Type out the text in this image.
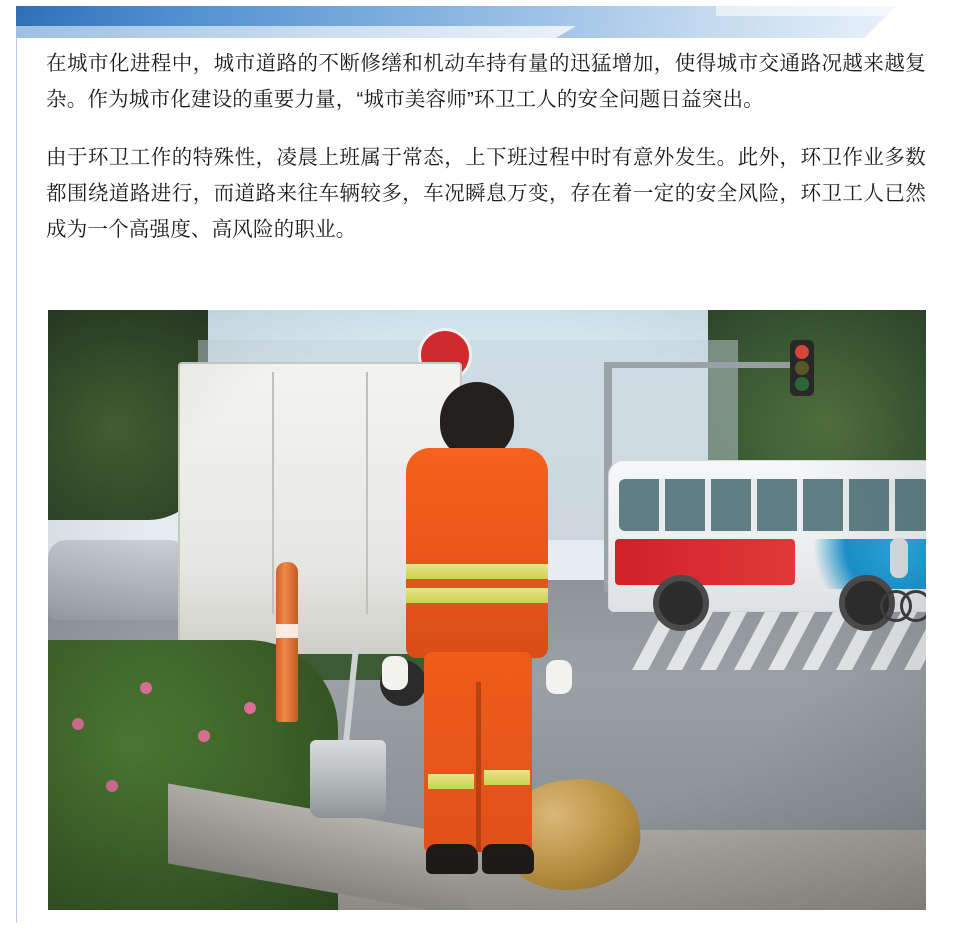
在城市化进程中，城市道路的不断修缮和机动车持有量的迅猛增加，使得城市交通路况越来越复杂。作为城市化建设的重要力量，“城市美容师”环卫工人的安全问题日益突出。

由于环卫工作的特殊性，凌晨上班属于常态，上下班过程中时有意外发生。此外，环卫作业多数都围绕道路进行，而道路来往车辆较多，车况瞬息万变，存在着一定的安全风险，环卫工人已然成为一个高强度、高风险的职业。
